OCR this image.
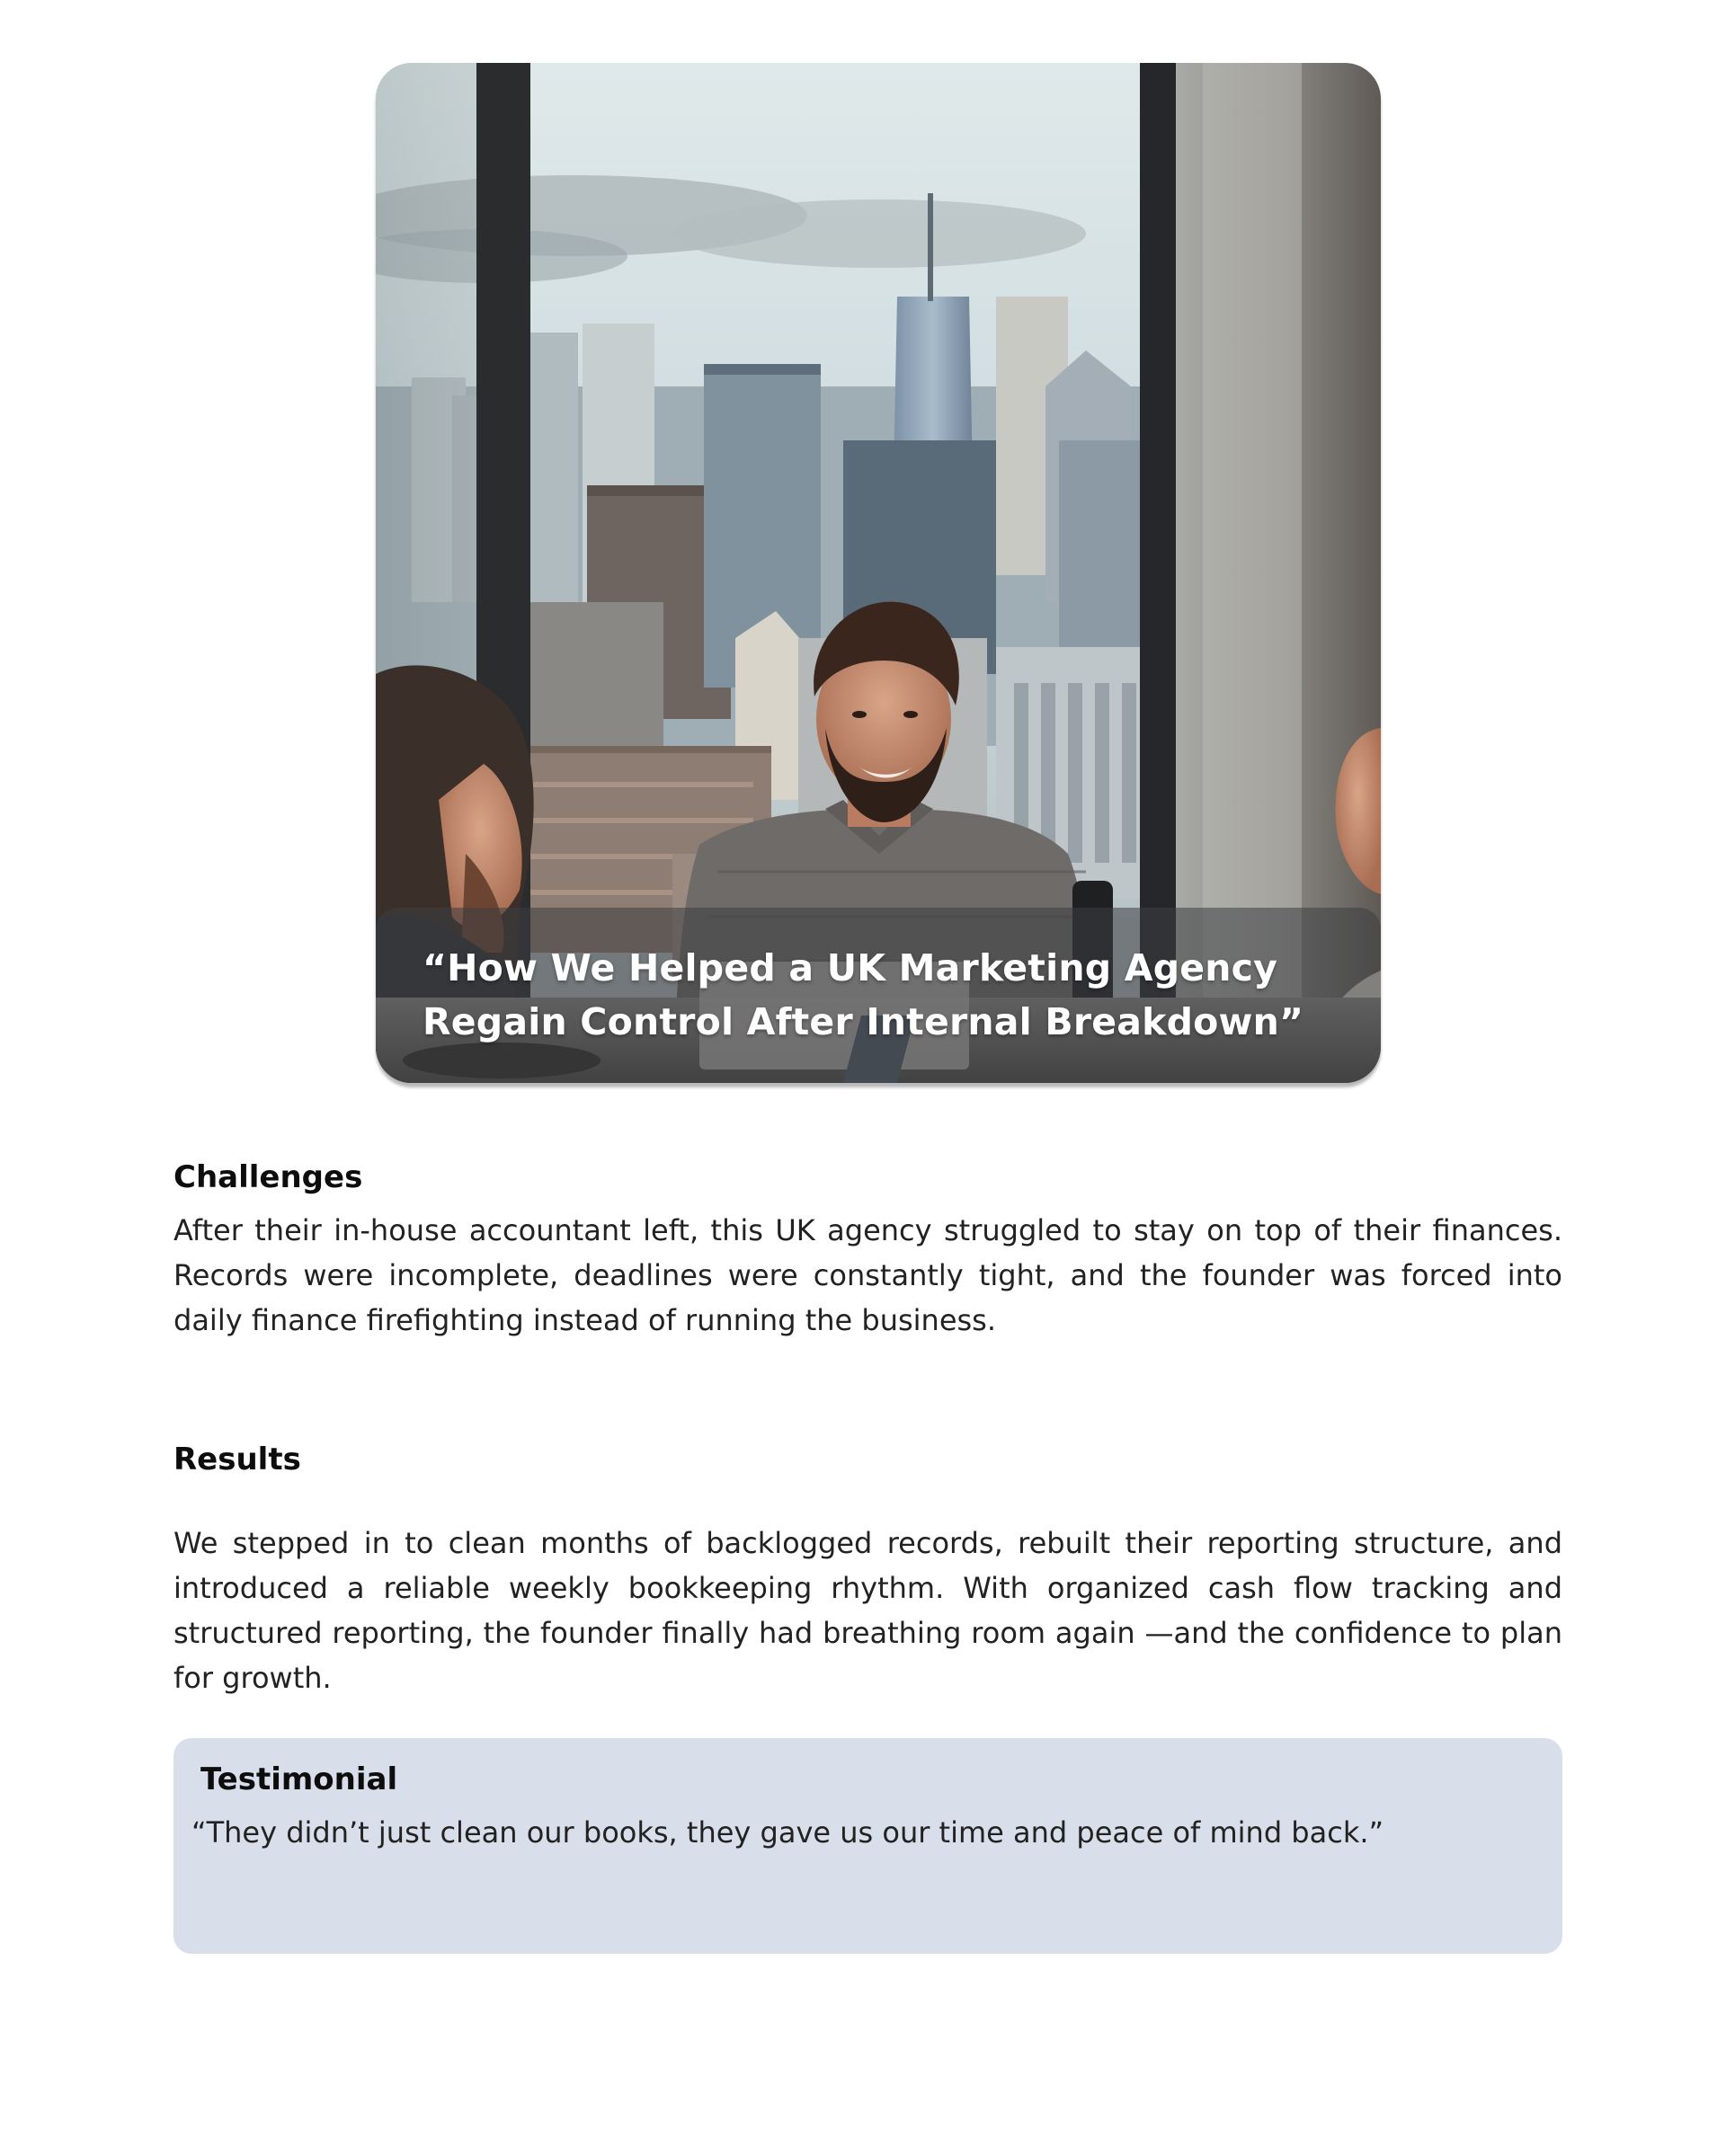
“How We Helped a UK Marketing Agency
Regain Control After Internal Breakdown”
Challenges

After their in-house accountant left, this UK agency struggled to stay on top of their finances. Records were incomplete, deadlines were constantly tight, and the founder was forced into daily finance firefighting instead of running the business.

Results

We stepped in to clean months of backlogged records, rebuilt their reporting structure, and introduced a reliable weekly bookkeeping rhythm. With organized cash flow tracking and structured reporting, the founder finally had breathing room again —and the confidence to plan for growth.

Testimonial

“They didn’t just clean our books, they gave us our time and peace of mind back.”
